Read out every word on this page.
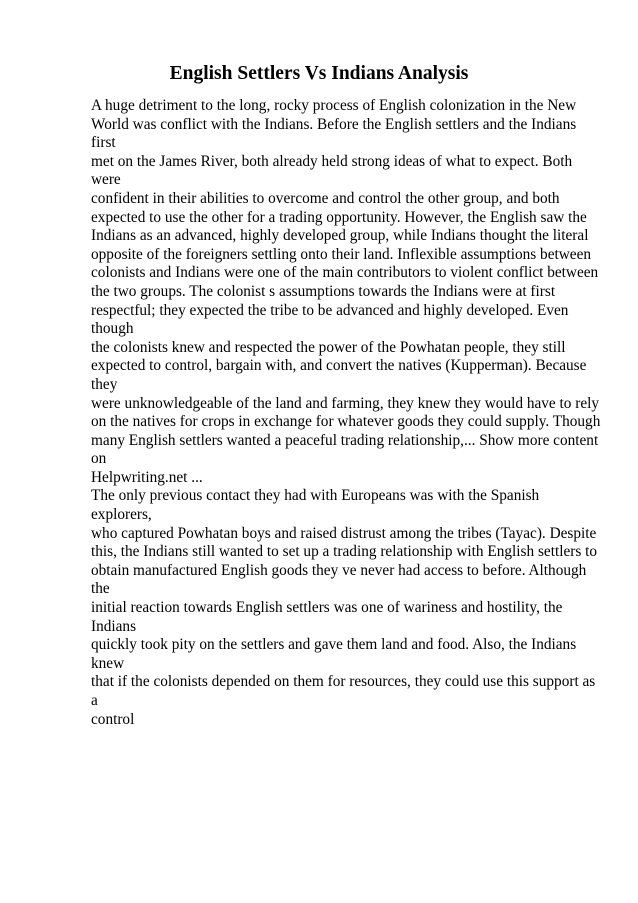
English Settlers Vs Indians Analysis

A huge detriment to the long, rocky process of English colonization in the New
World was conflict with the Indians. Before the English settlers and the Indians first
met on the James River, both already held strong ideas of what to expect. Both were
confident in their abilities to overcome and control the other group, and both
expected to use the other for a trading opportunity. However, the English saw the
Indians as an advanced, highly developed group, while Indians thought the literal
opposite of the foreigners settling onto their land. Inflexible assumptions between
colonists and Indians were one of the main contributors to violent conflict between
the two groups. The colonist s assumptions towards the Indians were at first
respectful; they expected the tribe to be advanced and highly developed. Even though
the colonists knew and respected the power of the Powhatan people, they still
expected to control, bargain with, and convert the natives (Kupperman). Because they
were unknowledgeable of the land and farming, they knew they would have to rely
on the natives for crops in exchange for whatever goods they could supply. Though
many English settlers wanted a peaceful trading relationship,... Show more content on
Helpwriting.net ...

The only previous contact they had with Europeans was with the Spanish explorers,
who captured Powhatan boys and raised distrust among the tribes (Tayac). Despite
this, the Indians still wanted to set up a trading relationship with English settlers to
obtain manufactured English goods they ve never had access to before. Although the
initial reaction towards English settlers was one of wariness and hostility, the Indians
quickly took pity on the settlers and gave them land and food. Also, the Indians knew
that if the colonists depended on them for resources, they could use this support as a
control
